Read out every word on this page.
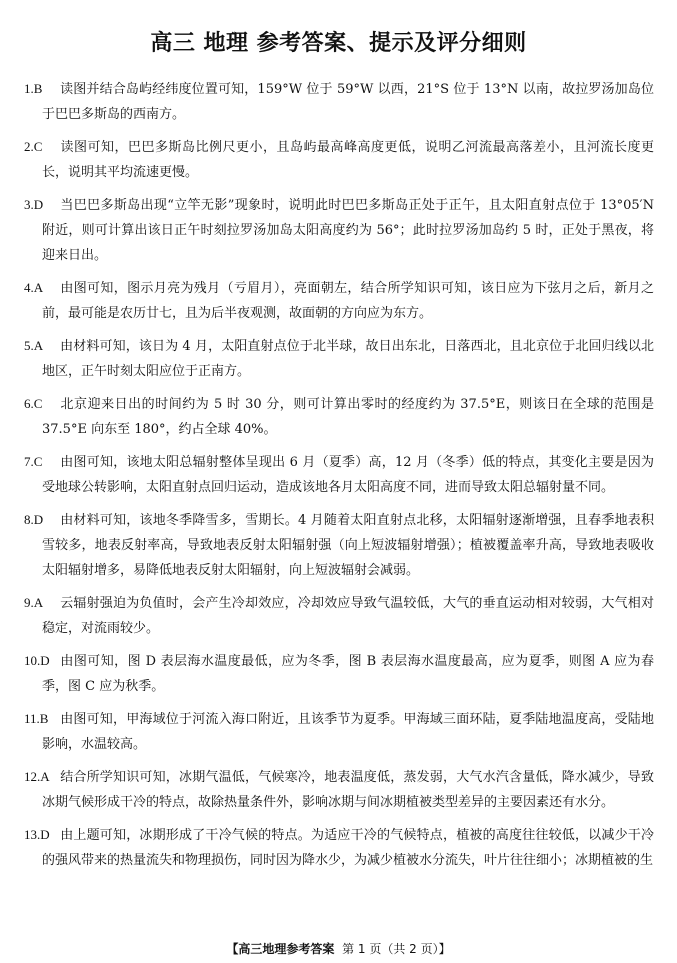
高三 地理 参考答案、提示及评分细则
1.B 读图并结合岛屿经纬度位置可知，159°W 位于 59°W 以西，21°S 位于 13°N 以南，故拉罗汤加岛位于巴巴多斯岛的西南方。
2.C 读图可知，巴巴多斯岛比例尺更小，且岛屿最高峰高度更低，说明乙河流最高落差小，且河流长度更长，说明其平均流速更慢。
3.D 当巴巴多斯岛出现“立竿无影”现象时，说明此时巴巴多斯岛正处于正午，且太阳直射点位于 13°05′N 附近，则可计算出该日正午时刻拉罗汤加岛太阳高度约为 56°；此时拉罗汤加岛约 5 时，正处于黑夜，将迎来日出。
4.A 由图可知，图示月亮为残月（亏眉月），亮面朝左，结合所学知识可知，该日应为下弦月之后，新月之前，最可能是农历廿七，且为后半夜观测，故面朝的方向应为东方。
5.A 由材料可知，该日为 4 月，太阳直射点位于北半球，故日出东北，日落西北，且北京位于北回归线以北地区，正午时刻太阳应位于正南方。
6.C 北京迎来日出的时间约为 5 时 30 分，则可计算出零时的经度约为 37.5°E，则该日在全球的范围是 37.5°E 向东至 180°，约占全球 40%。
7.C 由图可知，该地太阳总辐射整体呈现出 6 月（夏季）高，12 月（冬季）低的特点，其变化主要是因为受地球公转影响，太阳直射点回归运动，造成该地各月太阳高度不同，进而导致太阳总辐射量不同。
8.D 由材料可知，该地冬季降雪多，雪期长。4 月随着太阳直射点北移，太阳辐射逐渐增强，且春季地表积雪较多，地表反射率高，导致地表反射太阳辐射强（向上短波辐射增强）；植被覆盖率升高，导致地表吸收太阳辐射增多，易降低地表反射太阳辐射，向上短波辐射会减弱。
9.A 云辐射强迫为负值时，会产生冷却效应，冷却效应导致气温较低，大气的垂直运动相对较弱，大气相对稳定，对流雨较少。
10.D 由图可知，图 D 表层海水温度最低，应为冬季，图 B 表层海水温度最高，应为夏季，则图 A 应为春季，图 C 应为秋季。
11.B 由图可知，甲海域位于河流入海口附近，且该季节为夏季。甲海域三面环陆，夏季陆地温度高，受陆地影响，水温较高。
12.A 结合所学知识可知，冰期气温低，气候寒冷，地表温度低，蒸发弱，大气水汽含量低，降水减少，导致冰期气候形成干冷的特点，故除热量条件外，影响冰期与间冰期植被类型差异的主要因素还有水分。
13.D 由上题可知，冰期形成了干冷气候的特点。为适应干冷的气候特点，植被的高度往往较低，以减少干冷的强风带来的热量流失和物理损伤，同时因为降水少，为减少植被水分流失，叶片往往细小；冰期植被的生
【高三地理参考答案 第 1 页（共 2 页）】
